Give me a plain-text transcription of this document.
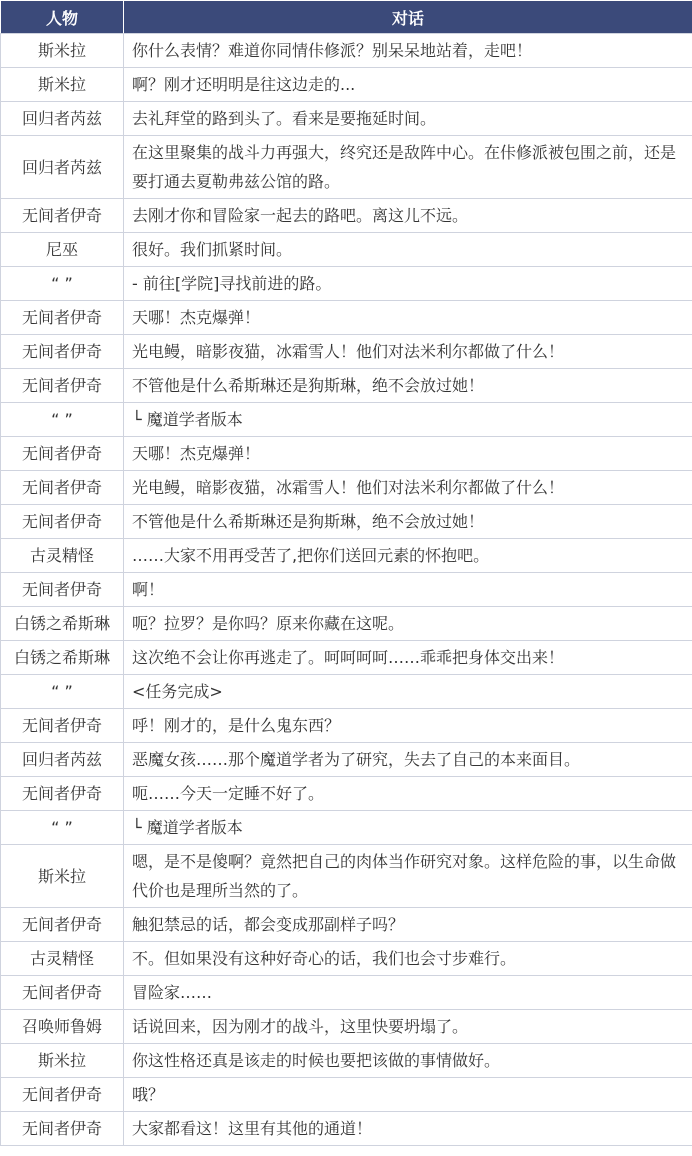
人物	对话
斯米拉	你什么表情？难道你同情佧修派？别呆呆地站着，走吧！
斯米拉	啊？刚才还明明是往这边走的...
回归者芮兹	去礼拜堂的路到头了。看来是要拖延时间。
回归者芮兹	在这里聚集的战斗力再强大，终究还是敌阵中心。在佧修派被包围之前，还是要打通去夏勒弗兹公馆的路。
无间者伊奇	去刚才你和冒险家一起去的路吧。离这儿不远。
尼巫	很好。我们抓紧时间。
“ ”	- 前往[学院]寻找前进的路。
无间者伊奇	天哪！杰克爆弹！
无间者伊奇	光电鳗，暗影夜猫，冰霜雪人！他们对法米利尔都做了什么！
无间者伊奇	不管他是什么希斯琳还是狗斯琳，绝不会放过她！
“ ”	└ 魔道学者版本
无间者伊奇	天哪！杰克爆弹！
无间者伊奇	光电鳗，暗影夜猫，冰霜雪人！他们对法米利尔都做了什么！
无间者伊奇	不管他是什么希斯琳还是狗斯琳，绝不会放过她！
古灵精怪	……大家不用再受苦了,把你们送回元素的怀抱吧。
无间者伊奇	啊！
白锈之希斯琳	呃？拉罗？是你吗？原来你藏在这呢。
白锈之希斯琳	这次绝不会让你再逃走了。呵呵呵呵……乖乖把身体交出来！
“ ”	<任务完成>
无间者伊奇	呼！刚才的，是什么鬼东西？
回归者芮兹	恶魔女孩……那个魔道学者为了研究，失去了自己的本来面目。
无间者伊奇	呃……今天一定睡不好了。
“ ”	└ 魔道学者版本
斯米拉	嗯，是不是傻啊？竟然把自己的肉体当作研究对象。这样危险的事，以生命做代价也是理所当然的了。
无间者伊奇	触犯禁忌的话，都会变成那副样子吗？
古灵精怪	不。但如果没有这种好奇心的话，我们也会寸步难行。
无间者伊奇	冒险家……
召唤师鲁姆	话说回来，因为刚才的战斗，这里快要坍塌了。
斯米拉	你这性格还真是该走的时候也要把该做的事情做好。
无间者伊奇	哦？
无间者伊奇	大家都看这！这里有其他的通道！
